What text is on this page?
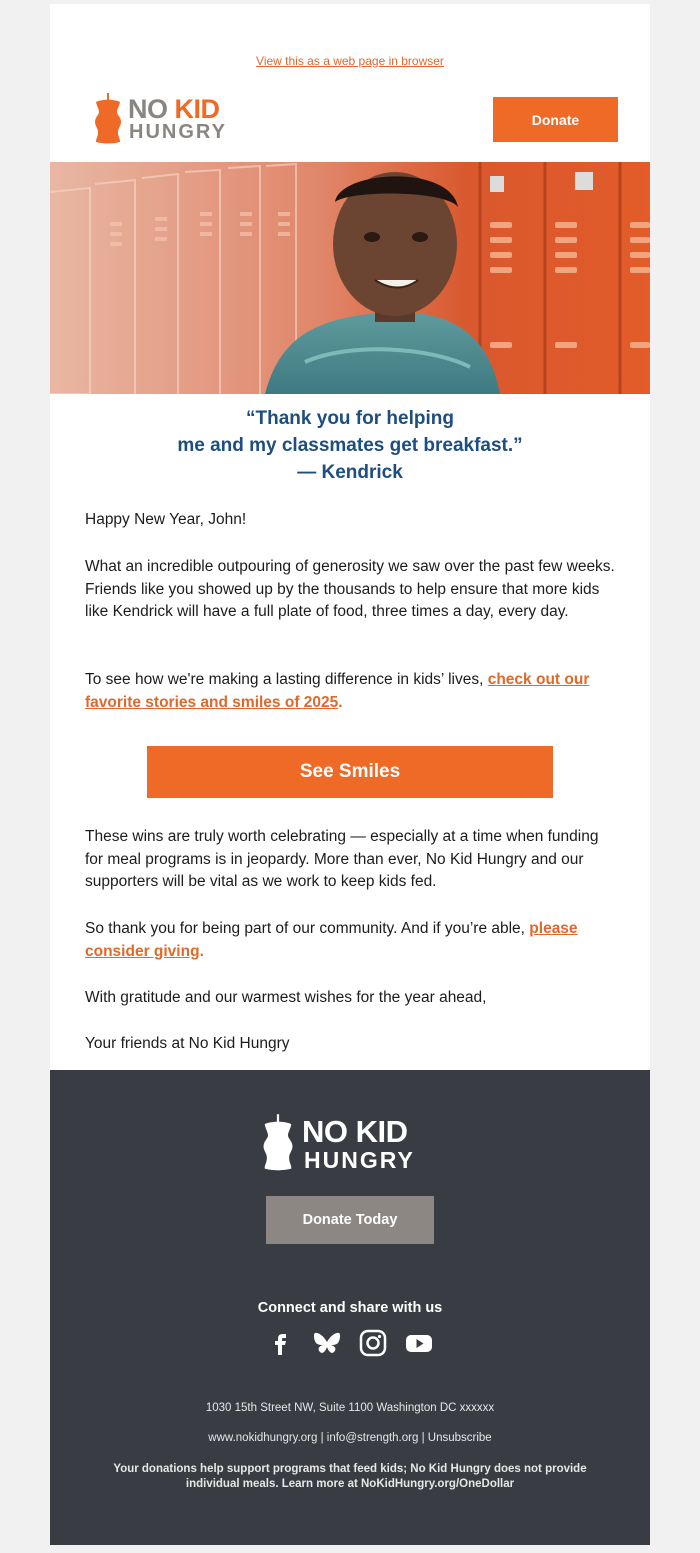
View this as a web page in browser
NO KID
HUNGRY
Donate
“Thank you for helping
me and my classmates get breakfast.”
— Kendrick
Happy New Year, John!
What an incredible outpouring of generosity we saw over the past few weeks. Friends like you showed up by the thousands to help ensure that more kids like Kendrick will have a full plate of food, three times a day, every day.
To see how we're making a lasting difference in kids’ lives, check out our favorite stories and smiles of 2025.
See Smiles
These wins are truly worth celebrating — especially at a time when funding for meal programs is in jeopardy. More than ever, No Kid Hungry and our supporters will be vital as we work to keep kids fed.
So thank you for being part of our community. And if you’re able, please consider giving.
With gratitude and our warmest wishes for the year ahead,
Your friends at No Kid Hungry
NO KID
HUNGRY
Donate Today
Connect and share with us
1030 15th Street NW, Suite 1100 Washington DC xxxxxx
www.nokidhungry.org | info@strength.org | Unsubscribe
Your donations help support programs that feed kids; No Kid Hungry does not provide individual meals. Learn more at NoKidHungry.org/OneDollar
